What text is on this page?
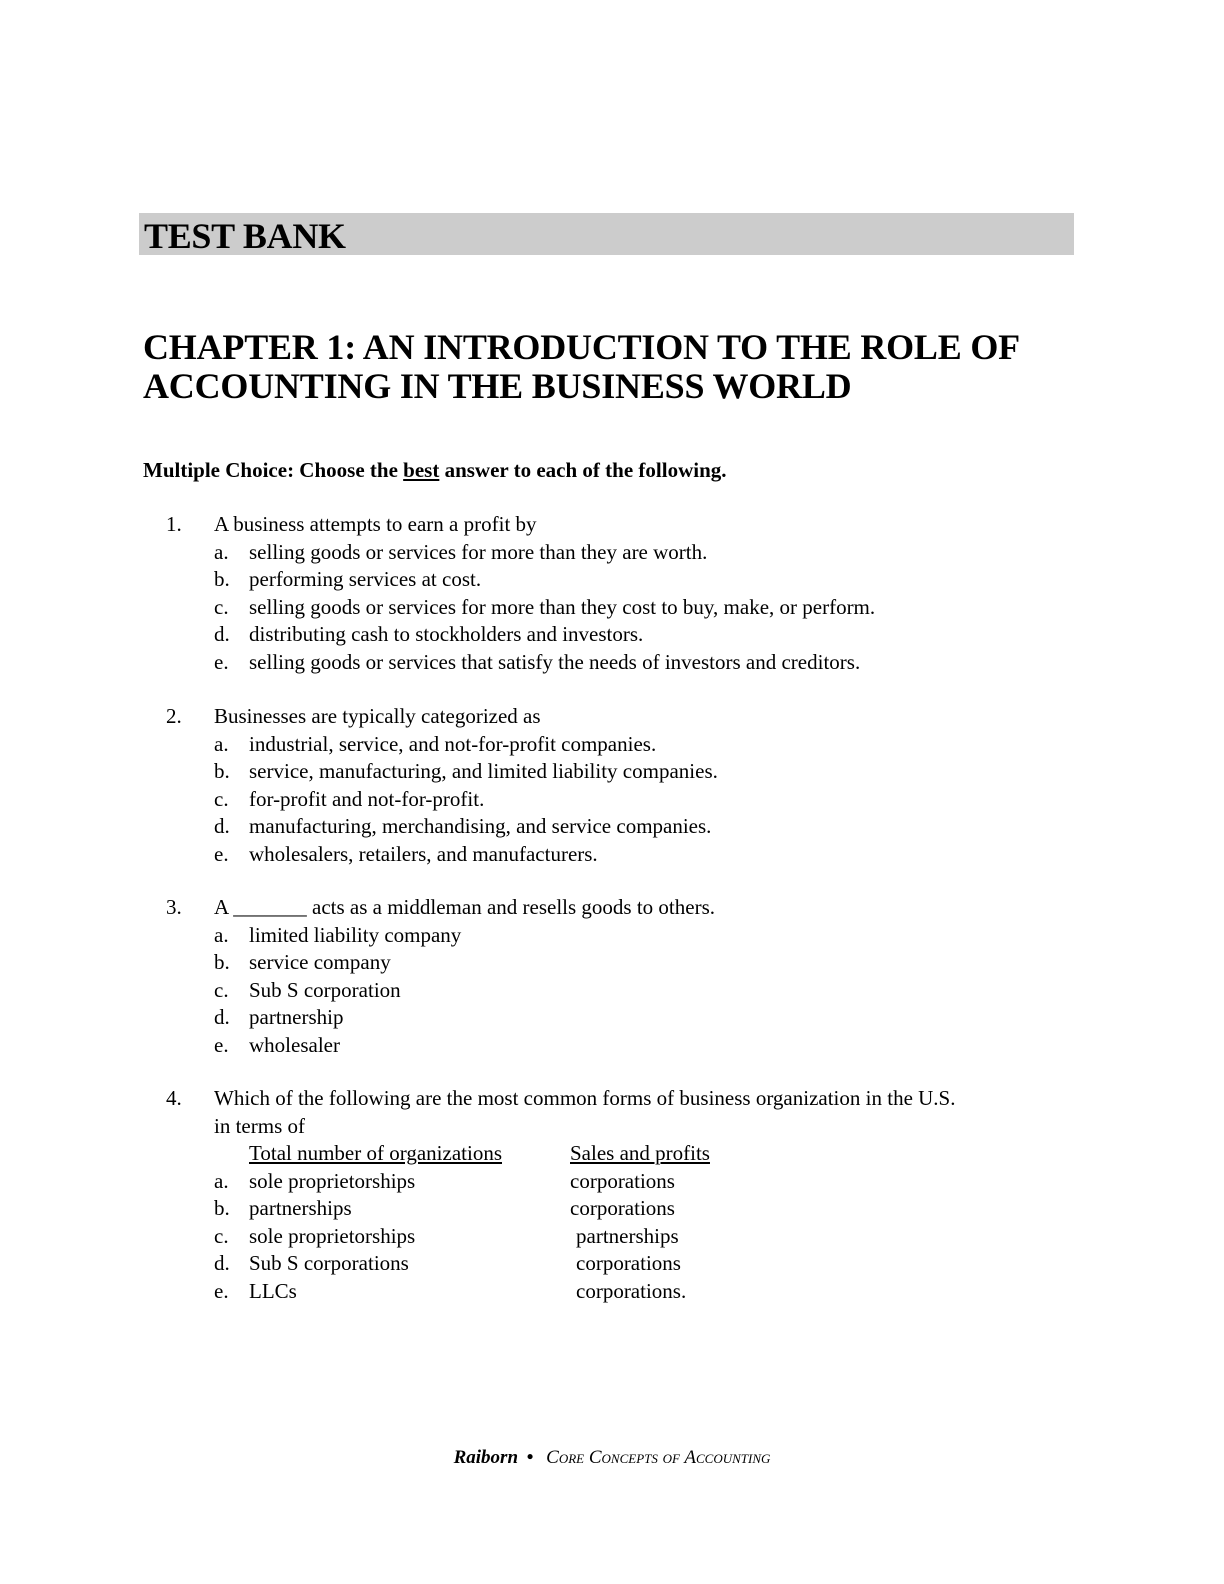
TEST BANK
CHAPTER 1: AN INTRODUCTION TO THE ROLE OF
ACCOUNTING IN THE BUSINESS WORLD
Multiple Choice: Choose the best answer to each of the following.
1. A business attempts to earn a profit by
a. selling goods or services for more than they are worth.
b. performing services at cost.
c. selling goods or services for more than they cost to buy, make, or perform.
d. distributing cash to stockholders and investors.
e. selling goods or services that satisfy the needs of investors and creditors.
2. Businesses are typically categorized as
a. industrial, service, and not-for-profit companies.
b. service, manufacturing, and limited liability companies.
c. for-profit and not-for-profit.
d. manufacturing, merchandising, and service companies.
e. wholesalers, retailers, and manufacturers.
3. A _______ acts as a middleman and resells goods to others.
a. limited liability company
b. service company
c. Sub S corporation
d. partnership
e. wholesaler
4. Which of the following are the most common forms of business organization in the U.S.
in terms of
Total number of organizations	Sales and profits
a. sole proprietorships	corporations
b. partnerships	corporations
c. sole proprietorships	partnerships
d. Sub S corporations	corporations
e. LLCs	corporations.
Raiborn • Core Concepts of Accounting
